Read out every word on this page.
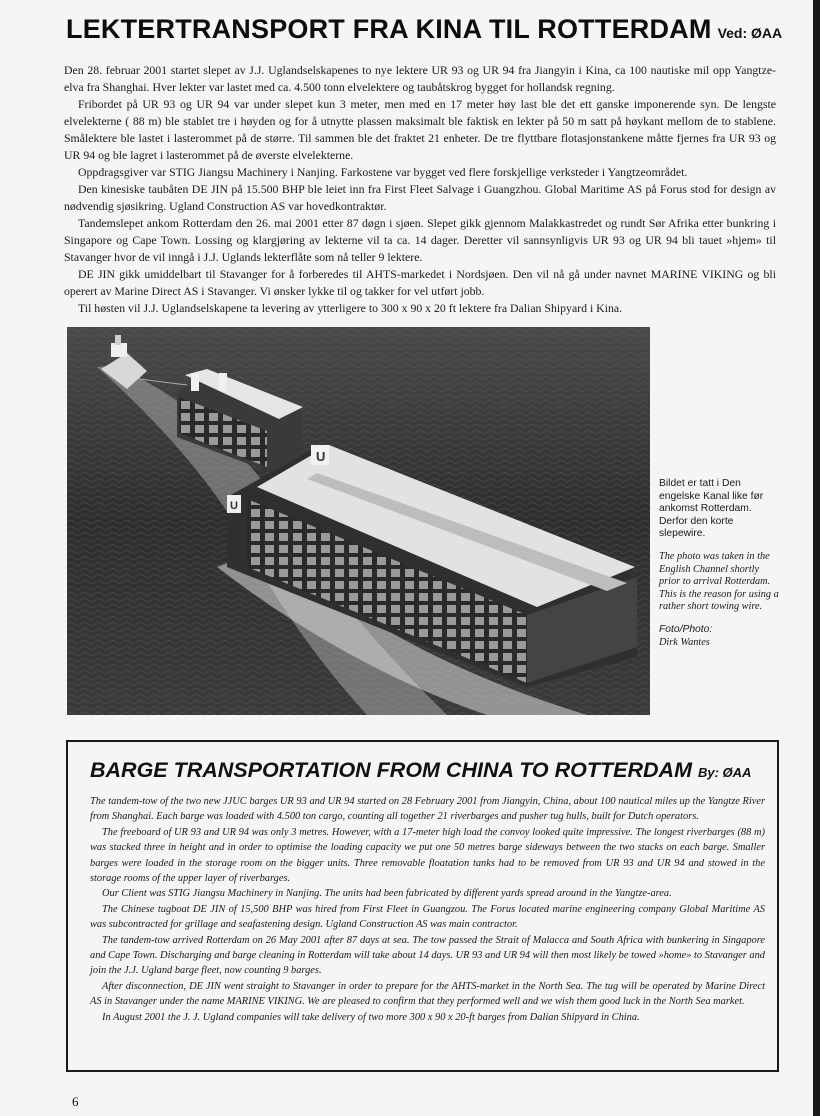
LEKTERTRANSPORT FRA KINA TIL ROTTERDAM Ved: ØAA

Den 28. februar 2001 startet slepet av J.J. Uglandselskapenes to nye lektere UR 93 og UR 94 fra Jiangyin i Kina, ca 100 nautiske mil opp Yangtze-elva fra Shanghai. Hver lekter var lastet med ca. 4.500 tonn elvelektere og taubåtskrog bygget for hollandsk regning.

Fribordet på UR 93 og UR 94 var under slepet kun 3 meter, men med en 17 meter høy last ble det ett ganske imponerende syn. De lengste elvelekterne ( 88 m) ble stablet tre i høyden og for å utnytte plassen maksimalt ble faktisk en lekter på 50 m satt på høykant mellom de to stablene. Smålektere ble lastet i lasterommet på de større. Til sammen ble det fraktet 21 enheter. De tre flyttbare flotasjonstankene måtte fjernes fra UR 93 og UR 94 og ble lagret i lasterommet på de øverste elvelekterne.

Oppdragsgiver var STIG Jiangsu Machinery i Nanjing. Farkostene var bygget ved flere forskjellige verksteder i Yangtzeområdet.

Den kinesiske taubåten DE JIN på 15.500 BHP ble leiet inn fra First Fleet Salvage i Guangzhou. Global Maritime AS på Forus stod for design av nødvendig sjøsikring. Ugland Construction AS var hovedkontraktør.

Tandemslepet ankom Rotterdam den 26. mai 2001 etter 87 døgn i sjøen. Slepet gikk gjennom Malakkastredet og rundt Sør Afrika etter bunkring i Singapore og Cape Town. Lossing og klargjøring av lekterne vil ta ca. 14 dager. Deretter vil sannsynligvis UR 93 og UR 94 bli tauet »hjem» til Stavanger hvor de vil inngå i J.J. Uglands lekterflåte som nå teller 9 lektere.

DE JIN gikk umiddelbart til Stavanger for å forberedes til AHTS-markedet i Nordsjøen. Den vil nå gå under navnet MARINE VIKING og bli operert av Marine Direct AS i Stavanger. Vi ønsker lykke til og takker for vel utført jobb.

Til høsten vil J.J. Uglandselskapene ta levering av ytterligere to 300 x 90 x 20 ft lektere fra Dalian Shipyard i Kina.

U
U
Bildet er tatt i Den engelske Kanal like før ankomst Rotterdam. Derfor den korte slepewire.
The photo was taken in the English Channel shortly prior to arrival Rotterdam. This is the reason for using a rather short towing wire.
Foto/Photo:
Dirk Wantes
BARGE TRANSPORTATION FROM CHINA TO ROTTERDAM By: ØAA

The tandem-tow of the two new JJUC barges UR 93 and UR 94 started on 28 February 2001 from Jiangyin, China, about 100 nautical miles up the Yangtze River from Shanghai. Each barge was loaded with 4.500 ton cargo, counting all together 21 riverbarges and pusher tug hulls, built for Dutch operators.

The freeboard of UR 93 and UR 94 was only 3 metres. However, with a 17-meter high load the convoy looked quite impressive. The longest riverbarges (88 m) was stacked three in height and in order to optimise the loading capacity we put one 50 metres barge sideways between the two stacks on each barge. Smaller barges were loaded in the storage room on the bigger units. Three removable floatation tanks had to be removed from UR 93 and UR 94 and stowed in the storage rooms of the upper layer of riverbarges.

Our Client was STIG Jiangsu Machinery in Nanjing. The units had been fabricated by different yards spread around in the Yangtze-area.

The Chinese tugboat DE JIN of 15,500 BHP was hired from First Fleet in Guangzou. The Forus located marine engineering company Global Maritime AS was subcontracted for grillage and seafastening design. Ugland Construction AS was main contractor.

The tandem-tow arrived Rotterdam on 26 May 2001 after 87 days at sea. The tow passed the Strait of Malacca and South Africa with bunkering in Singapore and Cape Town. Discharging and barge cleaning in Rotterdam will take about 14 days. UR 93 and UR 94 will then most likely be towed »home» to Stavanger and join the J.J. Ugland barge fleet, now counting 9 barges.

After disconnection, DE JIN went straight to Stavanger in order to prepare for the AHTS-market in the North Sea. The tug will be operated by Marine Direct AS in Stavanger under the name MARINE VIKING. We are pleased to confirm that they performed well and we wish them good luck in the North Sea market.

In August 2001 the J. J. Ugland companies will take delivery of two more 300 x 90 x 20-ft barges from Dalian Shipyard in China.

6
